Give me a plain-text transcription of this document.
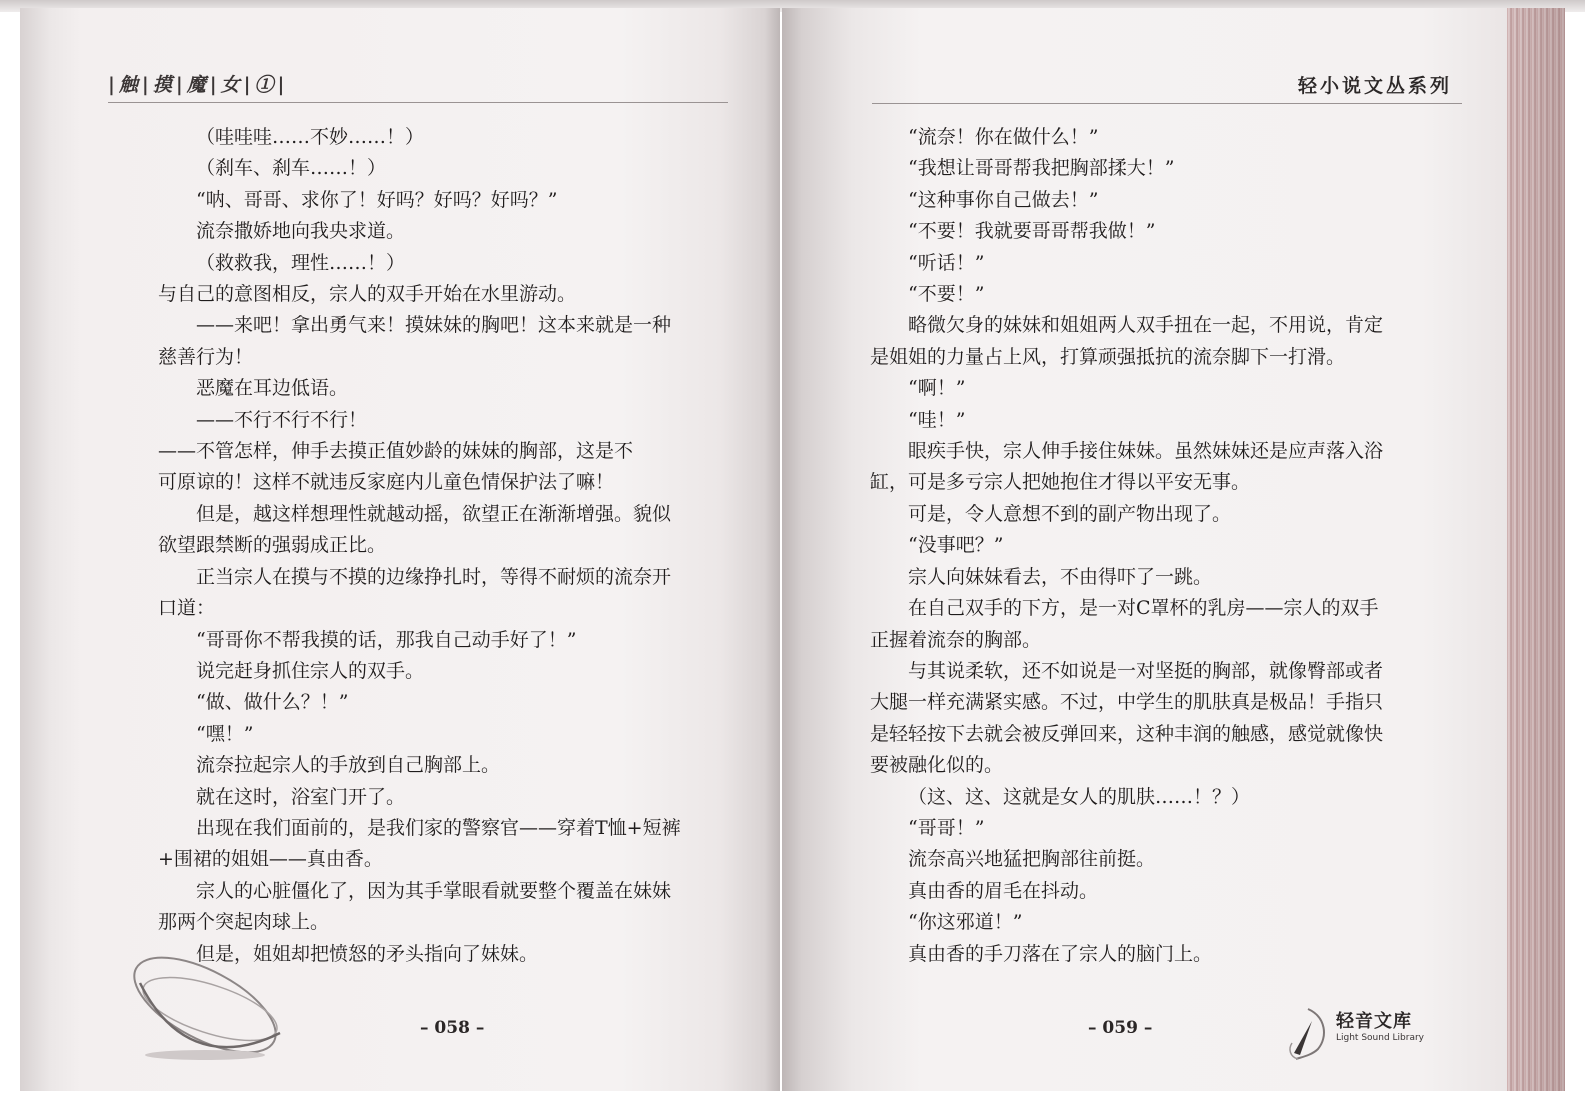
|触|摸|魔|女|①|

（哇哇哇……不妙……！）

（刹车、刹车……！）

“呐、哥哥、求你了！好吗？好吗？好吗？”

流奈撒娇地向我央求道。

（救救我，理性……！）

与自己的意图相反，宗人的双手开始在水里游动。

——来吧！拿出勇气来！摸妹妹的胸吧！这本来就是一种

慈善行为！

恶魔在耳边低语。

——不行不行不行！

——不管怎样，伸手去摸正值妙龄的妹妹的胸部，这是不

可原谅的！这样不就违反家庭内儿童色情保护法了嘛！

但是，越这样想理性就越动摇，欲望正在渐渐增强。貌似

欲望跟禁断的强弱成正比。

正当宗人在摸与不摸的边缘挣扎时，等得不耐烦的流奈开

口道：

“哥哥你不帮我摸的话，那我自己动手好了！”

说完赶身抓住宗人的双手。

“做、做什么？！”

“嘿！”

流奈拉起宗人的手放到自己胸部上。

就在这时，浴室门开了。

出现在我们面前的，是我们家的警察官——穿着T恤+短裤

+围裙的姐姐——真由香。

宗人的心脏僵化了，因为其手掌眼看就要整个覆盖在妹妹

那两个突起肉球上。

但是，姐姐却把愤怒的矛头指向了妹妹。

– 058 –
轻小说文丛系列

“流奈！你在做什么！”

“我想让哥哥帮我把胸部揉大！”

“这种事你自己做去！”

“不要！我就要哥哥帮我做！”

“听话！”

“不要！”

略微欠身的妹妹和姐姐两人双手扭在一起，不用说，肯定

是姐姐的力量占上风，打算顽强抵抗的流奈脚下一打滑。

“啊！”

“哇！”

眼疾手快，宗人伸手接住妹妹。虽然妹妹还是应声落入浴

缸，可是多亏宗人把她抱住才得以平安无事。

可是，令人意想不到的副产物出现了。

“没事吧？”

宗人向妹妹看去，不由得吓了一跳。

在自己双手的下方，是一对C罩杯的乳房——宗人的双手

正握着流奈的胸部。

与其说柔软，还不如说是一对坚挺的胸部，就像臀部或者

大腿一样充满紧实感。不过，中学生的肌肤真是极品！手指只

是轻轻按下去就会被反弹回来，这种丰润的触感，感觉就像快

要被融化似的。

（这、这、这就是女人的肌肤……！？）

“哥哥！”

流奈高兴地猛把胸部往前挺。

真由香的眉毛在抖动。

“你这邪道！”

真由香的手刀落在了宗人的脑门上。

– 059 –	轻音文库
Light Sound Library
